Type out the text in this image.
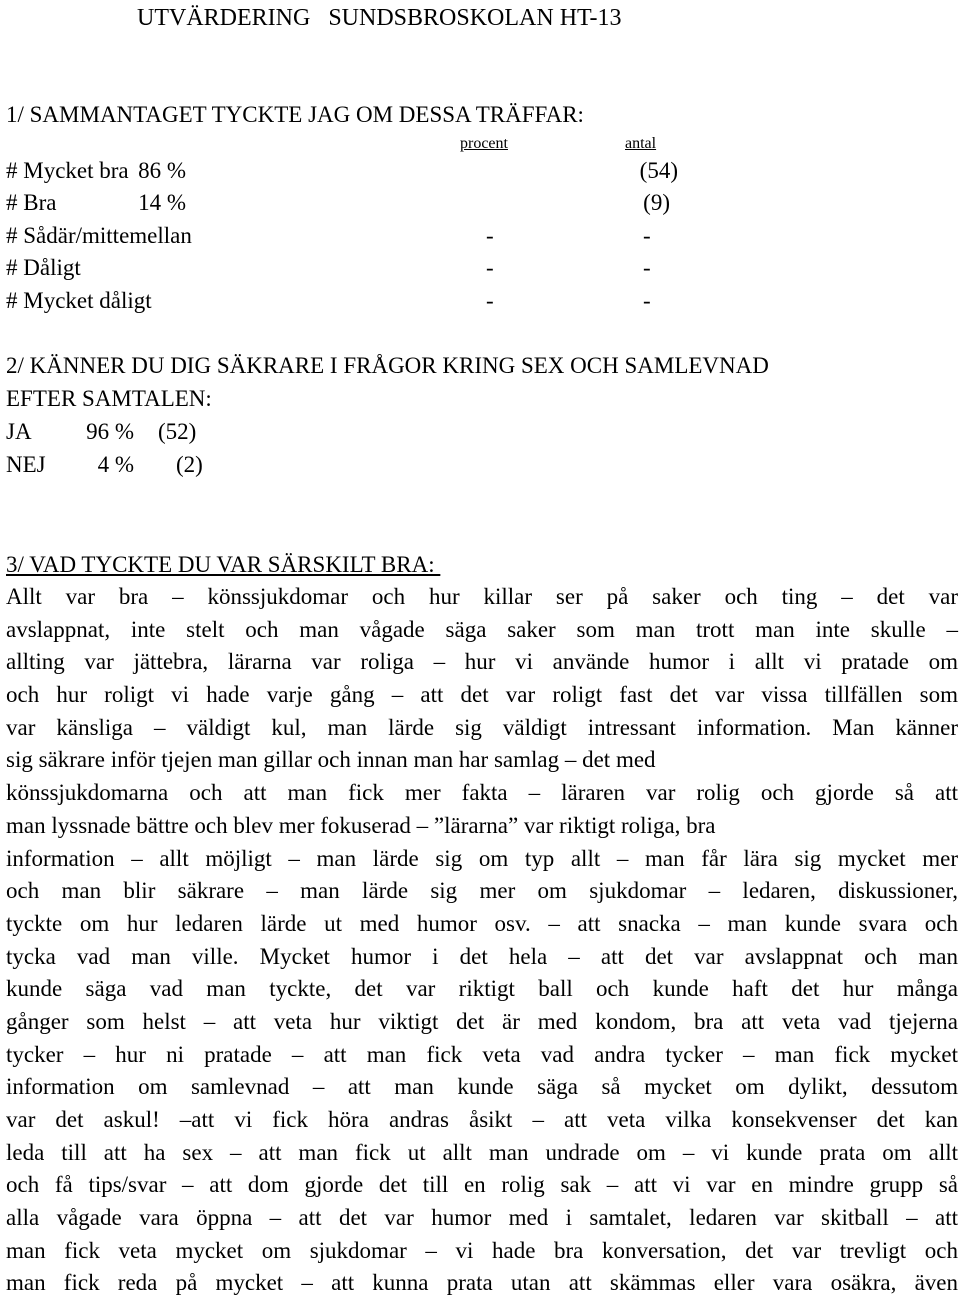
UTVÄRDERING   SUNDSBROSKOLAN HT-13
1/ SAMMANTAGET TYCKTE JAG OM DESSA TRÄFFAR:
procent	antal
# Mycket bra 86 %	(54)
# Bra	14 %	(9)
# Sådär/mittemellan	-	-
# Dåligt	-	-
# Mycket dåligt	-	-
2/ KÄNNER DU DIG SÄKRARE I FRÅGOR KRING SEX OCH SAMLEVNAD
EFTER SAMTALEN:
JA	96 % (52)
NEJ	4 % (2)
3/ VAD TYCKTE DU VAR SÄRSKILT BRA:
Allt var bra – könssjukdomar och hur killar ser på saker och ting – det var
avslappnat, inte stelt och man vågade säga saker som man trott man inte skulle –
allting var jättebra, lärarna var roliga – hur vi använde humor i allt vi pratade om
och hur roligt vi hade varje gång – att det var roligt fast det var vissa tillfällen som
var känsliga – väldigt kul, man lärde sig väldigt intressant information. Man känner
sig säkrare inför tjejen man gillar och innan man har samlag – det med
könssjukdomarna och att man fick mer fakta – läraren var rolig och gjorde så att
man lyssnade bättre och blev mer fokuserad – ”lärarna” var riktigt roliga, bra
information – allt möjligt – man lärde sig om typ allt – man får lära sig mycket mer
och man blir säkrare – man lärde sig mer om sjukdomar – ledaren, diskussioner,
tyckte om hur ledaren lärde ut med humor osv. – att snacka – man kunde svara och
tycka vad man ville. Mycket humor i det hela – att det var avslappnat och man
kunde säga vad man tyckte, det var riktigt ball och kunde haft det hur många
gånger som helst – att veta hur viktigt det är med kondom, bra att veta vad tjejerna
tycker – hur ni pratade – att man fick veta vad andra tycker – man fick mycket
information om samlevnad – att man kunde säga så mycket om dylikt, dessutom
var det askul! –att vi fick höra andras åsikt – att veta vilka konsekvenser det kan
leda till att ha sex – att man fick ut allt man undrade om – vi kunde prata om allt
och få tips/svar – att dom gjorde det till en rolig sak – att vi var en mindre grupp så
alla vågade vara öppna – att det var humor med i samtalet, ledaren var skitball – att
man fick veta mycket om sjukdomar – vi hade bra konversation, det var trevligt och
man fick reda på mycket – att kunna prata utan att skämmas eller vara osäkra, även
